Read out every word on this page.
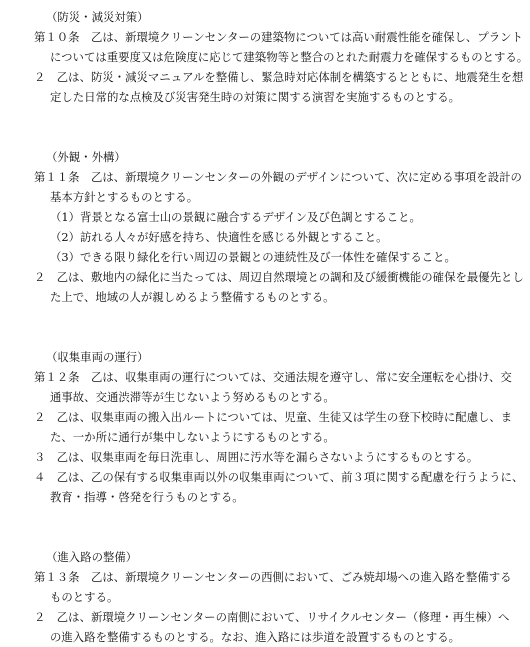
（防災・減災対策）
第１０条　乙は、新環境クリーンセンターの建築物については高い耐震性能を確保し、プラント
については重要度又は危険度に応じて建築物等と整合のとれた耐震力を確保するものとする。
２　乙は、防災・減災マニュアルを整備し、緊急時対応体制を構築するとともに、地震発生を想
定した日常的な点検及び災害発生時の対策に関する演習を実施するものとする。
（外観・外構）
第１１条　乙は、新環境クリーンセンターの外観のデザインについて、次に定める事項を設計の
基本方針とするものとする。
（1）背景となる富士山の景観に融合するデザイン及び色調とすること。
（2）訪れる人々が好感を持ち、快適性を感じる外観とすること。
（3）できる限り緑化を行い周辺の景観との連続性及び一体性を確保すること。
２　乙は、敷地内の緑化に当たっては、周辺自然環境との調和及び緩衝機能の確保を最優先とし
た上で、地域の人が親しめるよう整備するものとする。
（収集車両の運行）
第１２条　乙は、収集車両の運行については、交通法規を遵守し、常に安全運転を心掛け、交
通事故、交通渋滞等が生じないよう努めるものとする。
２　乙は、収集車両の搬入出ルートについては、児童、生徒又は学生の登下校時に配慮し、ま
た、一か所に通行が集中しないようにするものとする。
３　乙は、収集車両を毎日洗車し、周囲に汚水等を漏らさないようにするものとする。
４　乙は、乙の保有する収集車両以外の収集車両について、前３項に関する配慮を行うように、
教育・指導・啓発を行うものとする。
（進入路の整備）
第１３条　乙は、新環境クリーンセンターの西側において、ごみ焼却場への進入路を整備する
ものとする。
２　乙は、新環境クリーンセンターの南側において、リサイクルセンター（修理・再生棟）へ
の進入路を整備するものとする。なお、進入路には歩道を設置するものとする。
